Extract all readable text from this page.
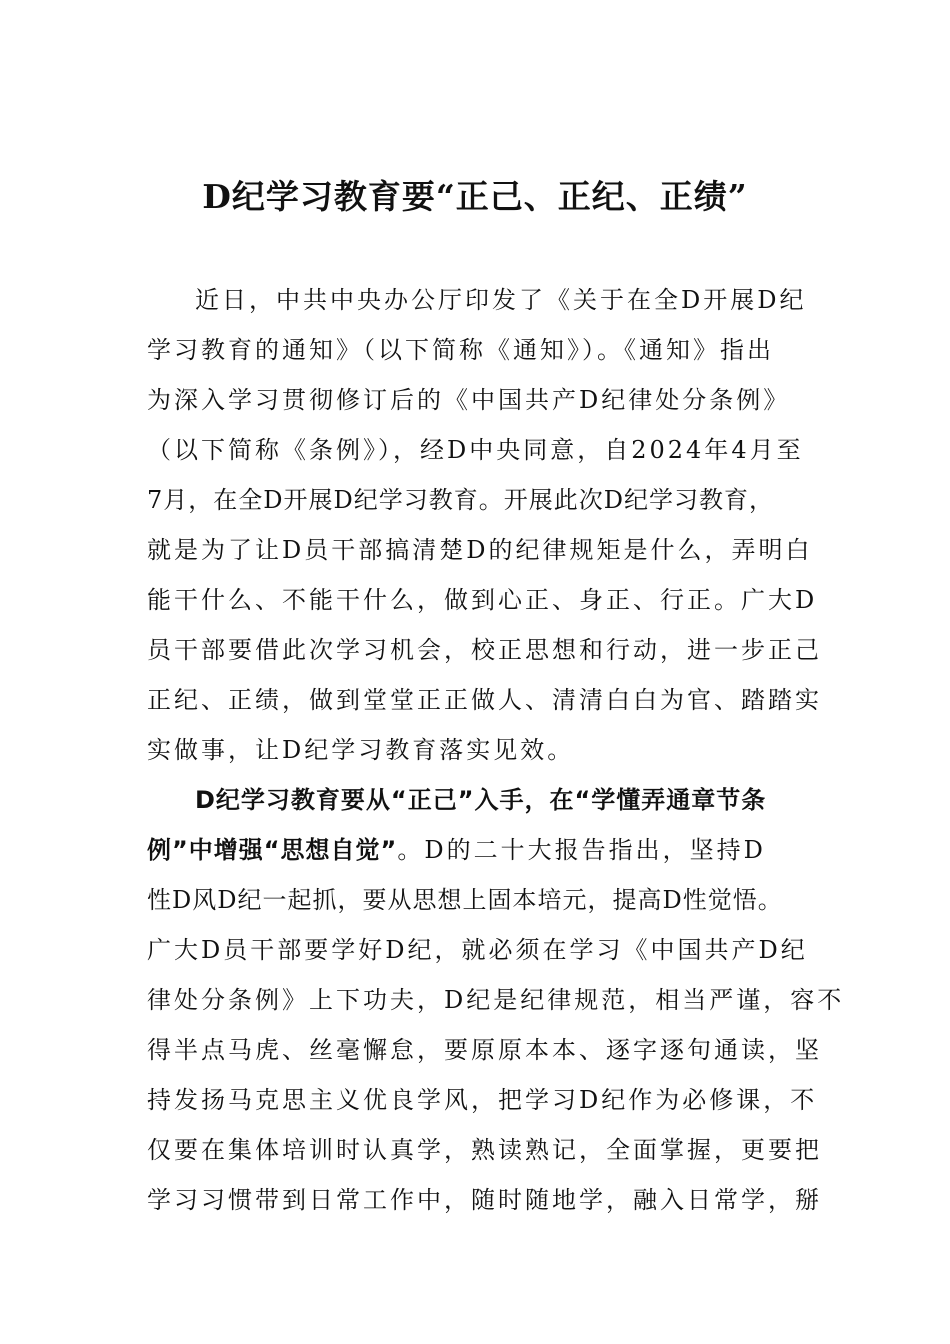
D纪学习教育要“正己、正纪、正绩”
近日，中共中央办公厅印发了《关于在全D开展D纪
学习教育的通知》（以下简称《通知》）。《通知》指出
为深入学习贯彻修订后的《中国共产D纪律处分条例》
（以下简称《条例》），经D中央同意，自2024年4月至
7月，在全D开展D纪学习教育。开展此次D纪学习教育，
就是为了让D员干部搞清楚D的纪律规矩是什么，弄明白
能干什么、不能干什么，做到心正、身正、行正。广大D
员干部要借此次学习机会，校正思想和行动，进一步正己
正纪、正绩，做到堂堂正正做人、清清白白为官、踏踏实
实做事，让D纪学习教育落实见效。
D纪学习教育要从“正己”入手，在“学懂弄通章节条
例”中增强“思想自觉”。D的二十大报告指出，坚持D
性D风D纪一起抓，要从思想上固本培元，提高D性觉悟。
广大D员干部要学好D纪，就必须在学习《中国共产D纪
律处分条例》上下功夫，D纪是纪律规范，相当严谨，容不
得半点马虎、丝毫懈怠，要原原本本、逐字逐句通读，坚
持发扬马克思主义优良学风，把学习D纪作为必修课，不
仅要在集体培训时认真学，熟读熟记，全面掌握，更要把
学习习惯带到日常工作中，随时随地学，融入日常学，掰
